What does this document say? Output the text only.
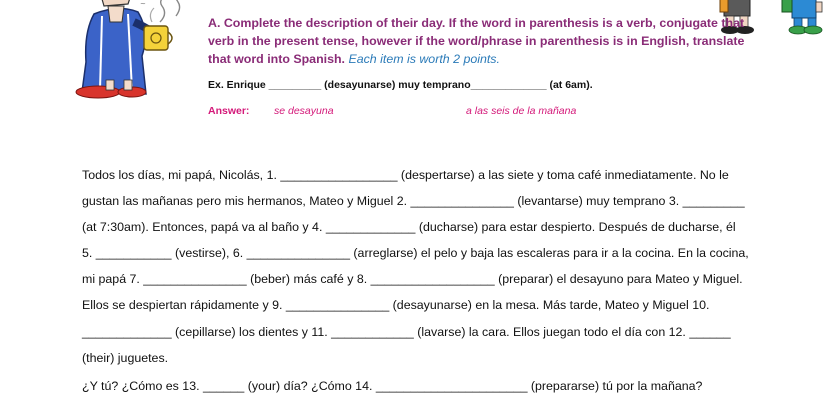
~
A. Complete the description of their day. If the word in parenthesis is a verb, conjugate that verb in the present tense, however if the word/phrase in parenthesis is in English, translate that word into Spanish. Each item is worth 2 points.
Ex. Enrique _________ (desayunarse) muy temprano_____________ (at 6am).
Answer: se desayuna	a las seis de la mañana

Todos los días, mi papá, Nicolás, 1. _________________ (despertarse) a las siete y toma café inmediatamente. No le
gustan las mañanas pero mis hermanos, Mateo y Miguel 2. _______________ (levantarse) muy temprano 3. _________
(at 7:30am). Entonces, papá va al baño y 4. _____________ (ducharse) para estar despierto. Después de ducharse, él
5. ___________ (vestirse), 6. _______________ (arreglarse) el pelo y baja las escaleras para ir a la cocina. En la cocina,
mi papá 7. _______________ (beber) más café y 8. __________________ (preparar) el desayuno para Mateo y Miguel.
Ellos se despiertan rápidamente y 9. _______________ (desayunarse) en la mesa. Más tarde, Mateo y Miguel 10.
_____________ (cepillarse) los dientes y 11. ____________ (lavarse) la cara. Ellos juegan todo el día con 12. ______
(their) juguetes.

¿Y tú? ¿Cómo es 13. ______ (your) día? ¿Cómo 14. ______________________ (prepararse) tú por la mañana?
